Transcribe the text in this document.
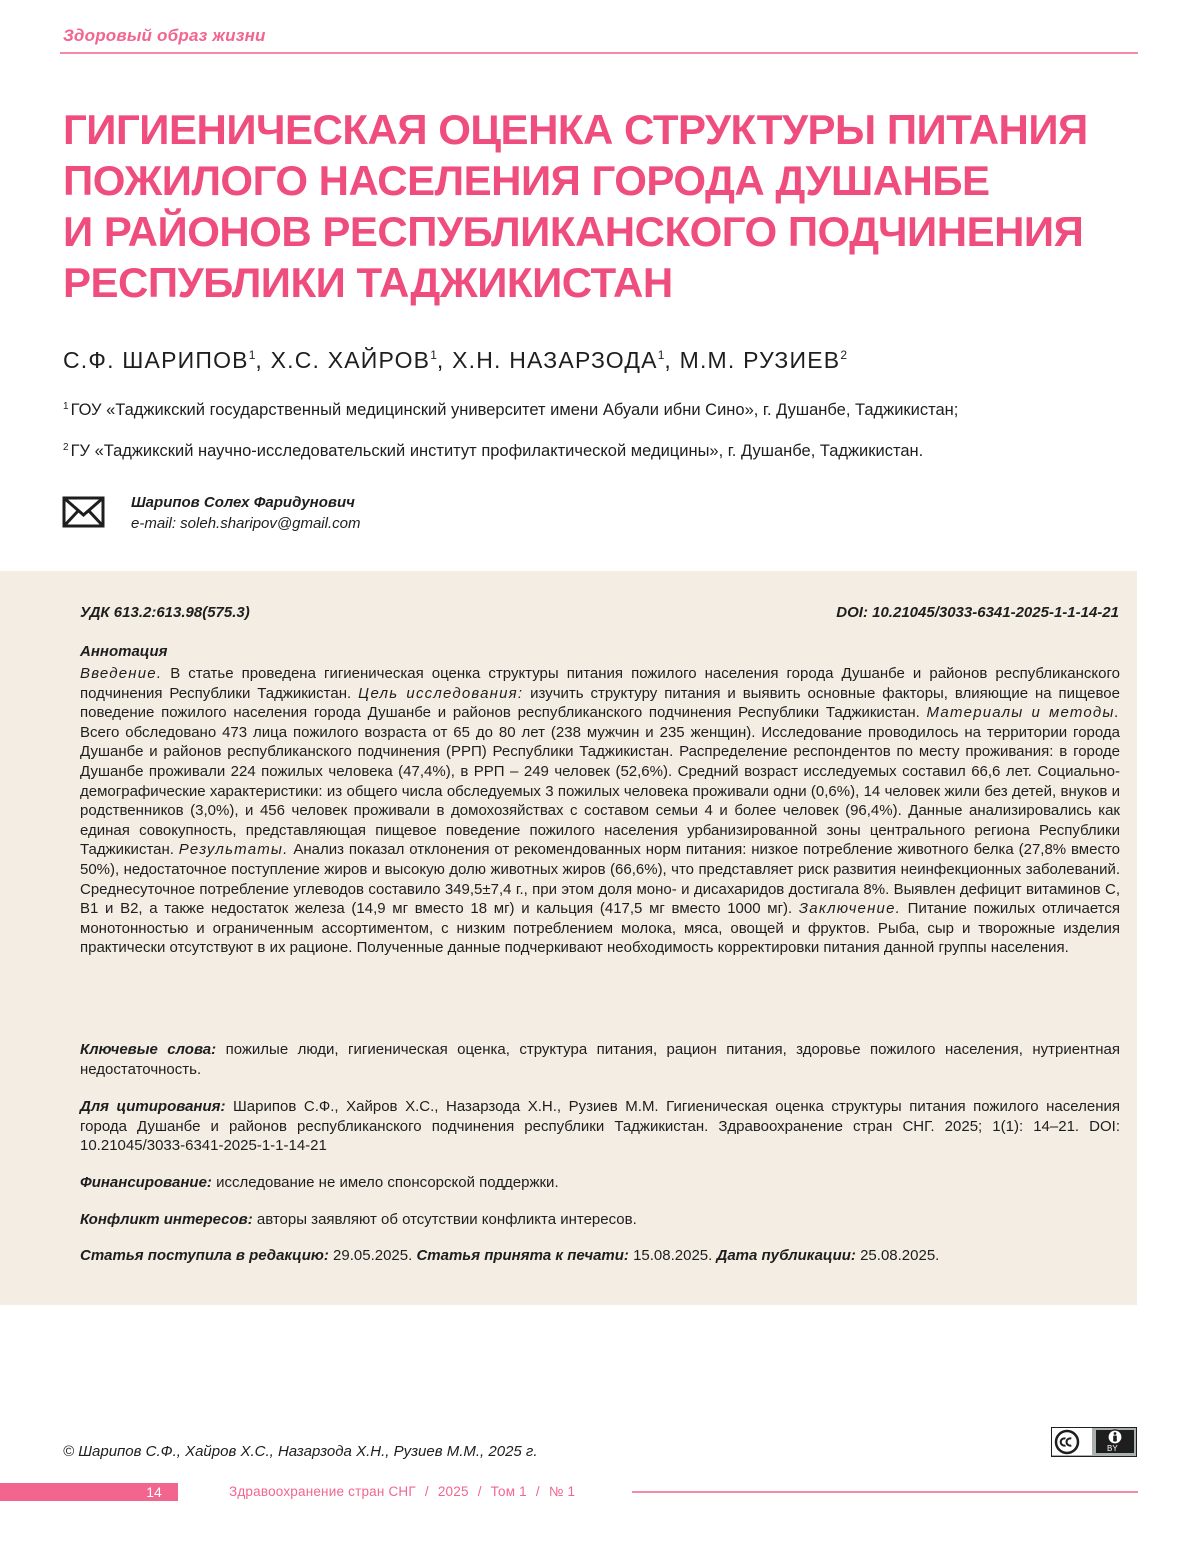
Здоровый образ жизни
ГИГИЕНИЧЕСКАЯ ОЦЕНКА СТРУКТУРЫ ПИТАНИЯ
ПОЖИЛОГО НАСЕЛЕНИЯ ГОРОДА ДУШАНБЕ
И РАЙОНОВ РЕСПУБЛИКАНСКОГО ПОДЧИНЕНИЯ
РЕСПУБЛИКИ ТАДЖИКИСТАН
С.Ф. ШАРИПОВ$^1$, Х.С. ХАЙРОВ$^1$, Х.Н. НАЗАРЗОДА$^1$, М.М. РУЗИЕВ$^2$
$^1$ ГОУ «Таджикский государственный медицинский университет имени Абуали ибни Сино», г. Душанбе, Таджикистан;
$^2$ ГУ «Таджикский научно-исследовательский институт профилактической медицины», г. Душанбе, Таджикистан.
Шарипов Солех Фаридунович
e-mail: soleh.sharipov@gmail.com
УДК 613.2:613.98(575.3)	DOI: 10.21045/3033-6341-2025-1-1-14-21
Аннотация

Введение. В статье проведена гигиеническая оценка структуры питания пожилого населения города Душанбе и районов республиканского подчинения Республики Таджикистан. Цель исследования: изучить структуру питания и выявить основные факторы, влияющие на пищевое поведение пожилого населения города Душанбе и районов республиканского подчинения Республики Таджикистан. Материалы и методы. Всего обследовано 473 лица пожилого возраста от 65 до 80 лет (238 мужчин и 235 женщин). Исследование проводилось на территории города Душанбе и районов республиканского подчинения (РРП) Республики Таджикистан. Распределение респондентов по месту проживания: в городе Душанбе проживали 224 пожилых человека (47,4%), в РРП – 249 человек (52,6%). Средний возраст исследуемых составил 66,6 лет. Социально-демографические характеристики: из общего числа обследуемых 3 пожилых человека проживали одни (0,6%), 14 человек жили без детей, внуков и родственников (3,0%), и 456 человек проживали в домохозяйствах с составом семьи 4 и более человек (96,4%). Данные анализировались как единая совокупность, представляющая пищевое поведение пожилого населения урбанизированной зоны центрального региона Республики Таджикистан. Результаты. Анализ показал отклонения от рекомендованных норм питания: низкое потребление животного белка (27,8% вместо 50%), недостаточное поступление жиров и высокую долю животных жиров (66,6%), что представляет риск развития неинфекционных заболеваний. Среднесуточное потребление углеводов составило 349,5±7,4 г., при этом доля моно- и дисахаридов достигала 8%. Выявлен дефицит витаминов С, В1 и В2, а также недостаток железа (14,9 мг вместо 18 мг) и кальция (417,5 мг вместо 1000 мг). Заключение. Питание пожилых отличается монотонностью и ограниченным ассортиментом, с низким потреблением молока, мяса, овощей и фруктов. Рыба, сыр и творожные изделия практически отсутствуют в их рационе. Полученные данные подчеркивают необходимость корректировки питания данной группы населения.

Ключевые слова: пожилые люди, гигиеническая оценка, структура питания, рацион питания, здоровье пожилого населения, нутриентная недостаточность.

Для цитирования: Шарипов С.Ф., Хайров Х.С., Назарзода Х.Н., Рузиев М.М. Гигиеническая оценка структуры питания пожилого населения города Душанбе и районов республиканского подчинения республики Таджикистан. Здравоохранение стран СНГ. 2025; 1(1): 14–21. DOI: 10.21045/3033-6341-2025-1-1-14-21

Финансирование: исследование не имело спонсорской поддержки.

Конфликт интересов: авторы заявляют об отсутствии конфликта интересов.

Статья поступила в редакцию: 29.05.2025. Статья принята к печати: 15.08.2025. Дата публикации: 25.08.2025.

© Шарипов С.Ф., Хайров Х.С., Назарзода Х.Н., Рузиев М.М., 2025 г.	BY
14	Здравоохранение стран СНГ / 2025 / Том 1 / № 1
